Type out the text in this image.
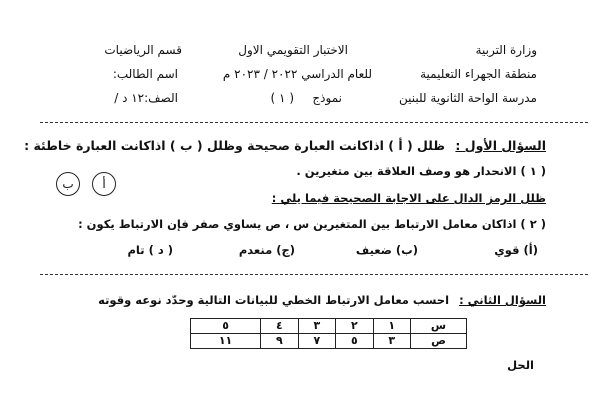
وزارة التربية
منطقة الجهراء التعليمية
مدرسة الواحة الثانوية للبنين
الاختبار التقويمي الاول
للعام الدراسي ٢٠٢٢ / ٢٠٢٣ م
نموذج
( ١ )
قسم الرياضيات
اسم الطالب:
الصف:١٢ د /
السؤال الأول : ظلل ( أ ) اذاكانت العبارة صحيحة وظلل ( ب ) اذاكانت العبارة خاطئة :
( ١ ) الانحدار هو وصف العلاقة بين متغيرين .
أ
ب
ظلل الرمز الدال على الاجابة الصحيحة فيما يلي :
( ٢ ) اذاكان معامل الارتباط بين المتغيرين س ، ص يساوي صفر فإن الارتباط يكون :
(أ) قوي
(ب) ضعيف
(ج) منعدم
( د ) تام
السؤال الثاني : احسب معامل الارتباط الخطي للبيانات التالية وحدّد نوعه وقوته
س	١	٢	٣	٤	٥
ص	٣	٥	٧	٩	١١
الحل
